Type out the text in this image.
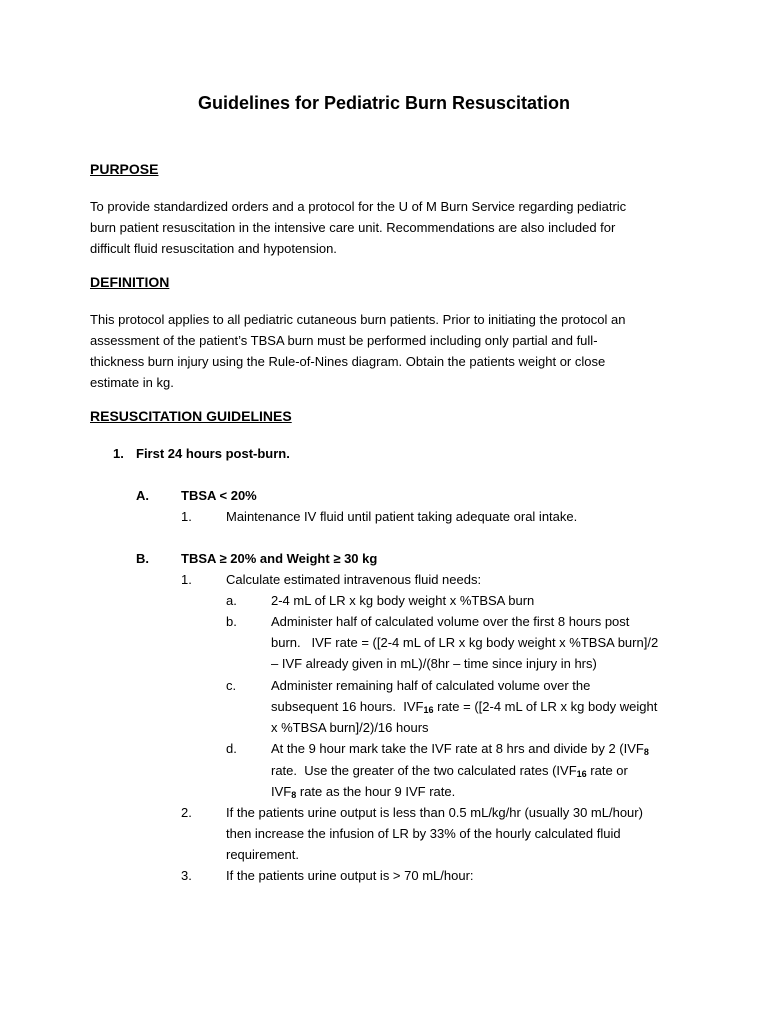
Guidelines for Pediatric Burn Resuscitation
PURPOSE
To provide standardized orders and a protocol for the U of M Burn Service regarding pediatric
burn patient resuscitation in the intensive care unit. Recommendations are also included for
difficult fluid resuscitation and hypotension.
DEFINITION
This protocol applies to all pediatric cutaneous burn patients. Prior to initiating the protocol an
assessment of the patient’s TBSA burn must be performed including only partial and full-
thickness burn injury using the Rule-of-Nines diagram. Obtain the patients weight or close
estimate in kg.
RESUSCITATION GUIDELINES
1. First 24 hours post-burn.
A. TBSA < 20%
1.	Maintenance IV fluid until patient taking adequate oral intake.
B. TBSA ≥ 20% and Weight ≥ 30 kg
1.	Calculate estimated intravenous fluid needs:
a.	2-4 mL of LR x kg body weight x %TBSA burn
b.	Administer half of calculated volume over the first 8 hours post
burn.   IVF rate = ([2-4 mL of LR x kg body weight x %TBSA burn]/2
– IVF already given in mL)/(8hr – time since injury in hrs)
c.	Administer remaining half of calculated volume over the
subsequent 16 hours.  $IVF_{16}$ rate = ([2-4 mL of LR x kg body weight
x %TBSA burn]/2)/16 hours
d.	At the 9 hour mark take the IVF rate at 8 hrs and divide by 2 ($IVF_8$
rate.  Use the greater of the two calculated rates ($IVF_{16}$ rate or
$IVF_8$ rate as the hour 9 IVF rate.
2.	If the patients urine output is less than 0.5 mL/kg/hr (usually 30 mL/hour)
then increase the infusion of LR by 33% of the hourly calculated fluid
requirement.
3.	If the patients urine output is > 70 mL/hour:
